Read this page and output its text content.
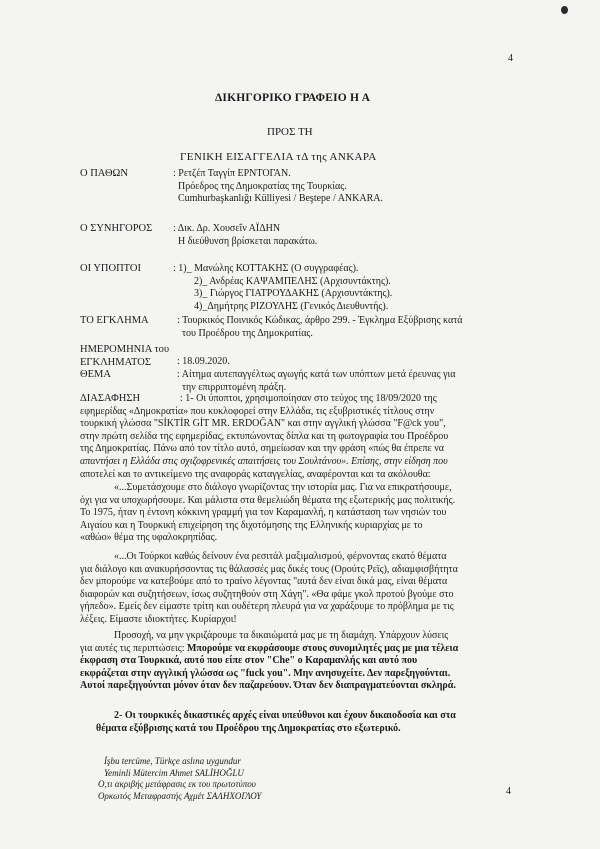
4
ΔΙΚΗΓΟΡΙΚΟ ΓΡΑΦΕΙΟ Η Α
ΠΡΟΣ ΤΗ
ΓΕΝΙΚΗ ΕΙΣΑΓΓΕΛΙΑ τΔ της ΑΝΚΑΡΑ
Ο ΠΑΘΩΝ	: Ρετζέπ Ταγγίπ ΕΡΝΤΟΓΑΝ.
Πρόεδρος της Δημοκρατίας της Τουρκίας.
Cumhurbaşkanlığı Külliyesi / Beştepe / ANKARA.
Ο ΣΥΝΗΓΟΡΟΣ : Δικ. Δρ. Χουσεΐν ΑΪΔΗΝ
Η διεύθυνση βρίσκεται παρακάτω.
ΟΙ ΥΠΟΠΤΟΙ	: 1)_ Μανώλης ΚΟΤΤΑΚΗΣ (Ο συγγραφέας).
2)_ Ανδρέας ΚΑΨΑΜΠΕΛΗΣ (Αρχισυντάκτης).
3)_ Γιώργος ΓΙΑΤΡΟΥΔΑΚΗΣ (Αρχισυντάκτης).
4)_Δημήτρης ΡΙΖΟΥΛΗΣ (Γενικός Διευθυντής).
ΤΟ ΕΓΚΛΗΜΑ	: Τουρκικός Ποινικός Κώδικας, άρθρο 299. - Έγκλημα Εξύβρισης κατά
του Προέδρου της Δημοκρατίας.
ΗΜΕΡΟΜΗΝΙΑ του
ΕΓΚΛΗΜΑΤΟΣ	: 18.09.2020.
ΘΕΜΑ	: Αίτημα αυτεπαγγέλτως αγωγής κατά των υπόπτων μετά έρευνας για
την επιρριπτομένη πράξη.
ΔΙΑΣΑΦΗΣΗ	: 1- Οι ύποπτοι, χρησιμοποίησαν στο τεύχος της 18/09/2020 της
εφημερίδας «Δημοκρατία» που κυκλοφορεί στην Ελλάδα, τις εξυβριστικές τίτλους στην
τουρκική γλώσσα "SİKTİR GİT MR. ERDOĞAN" και στην αγγλική γλώσσα "F@ck you",
στην πρώτη σελίδα της εφημερίδας, εκτυπώνοντας δίπλα και τη φωτογραφία του Προέδρου
της Δημοκρατίας. Πάνω από τον τίτλο αυτό, σημείωσαν και την φράση «πώς θα έπρεπε να
απαντήσει η Ελλάδα στις σχιζοφρενικές απαιτήσεις του Σουλτάνου». Επίσης, στην είδηση που
αποτελεί και το αντικείμενο της αναφοράς καταγγελίας, αναφέρονται και τα ακόλουθα:
«...Συμετάσχουμε στο διάλογο γνωρίζοντας την ιστορία μας. Για να επικρατήσουμε,
όχι για να υποχωρήσουμε. Και μάλιστα στα θεμελιώδη θέματα της εξωτερικής μας πολιτικής.
Το 1975, ήταν η έντονη κόκκινη γραμμή για τον Καραμανλή, η κατάσταση των νησιών του
Αιγαίου και η Τουρκική επιχείρηση της διχοτόμησης της Ελληνικής κυριαρχίας με το
«αθώο» θέμα της υφαλοκρηπίδας.
«...Οι Τούρκοι καθώς δείνουν ένα ρεσιτάλ μαξιμαλισμού, φέρνοντας εκατό θέματα
για διάλογο και ανακυρήσσοντας τις θάλασσές μας δικές τους (Ορούτς Ρεϊς), αδιαμφισβήτητα
δεν μπορούμε να κατεβούμε από το τραίνο λέγοντας "αυτά δεν είναι δικά μας, είναι θέματα
διαφορών και συζητήσεων, ίσως συζητηθούν στη Χάγη". «Θα φάμε γκολ προτού βγούμε στο
γήπεδο». Εμείς δεν είμαστε τρίτη και ουδέτερη πλευρά για να χαράξουμε το πρόβλημα με τις
λέξεις. Είμαστε ιδιοκτήτες. Κυρίαρχοι!
Προσοχή, να μην γκριζάρουμε τα δικαιώματά μας με τη διαμάχη. Υπάρχουν λύσεις
για αυτές τις περιπτώσεις: Μπορούμε να εκφράσουμε στους συνομιλητές μας με μια τέλεια
έκφραση στα Τουρκικά, αυτό που είπε στον "Che" ο Καραμανλής και αυτό που
εκφράζεται στην αγγλική γλώσσα ως "fuck you". Μην ανησυχείτε. Δεν παρεξηγούνται.
Αυτοί παρεξηγούνται μόνον όταν δεν παζαρεύουν. Όταν δεν διαπραγματεύονται σκληρά.
2- Οι τουρκικές δικαστικές αρχές είναι υπεύθυνοι και έχουν δικαιοδοσία και στα
θέματα εξύβρισης κατά του Προέδρου της Δημοκρατίας στο εξωτερικό.
İşbu tercüme, Türkçe aslına uygundur
Yeminli Mütercim Ahmet SALİHOĞLU
Ο,τι ακριβής μετάφρασις εκ του πρωτοτύπου
Ορκωτός Μεταφραστής Αχμέτ ΣΑΛΗΧΟΓΛΟΥ	4
